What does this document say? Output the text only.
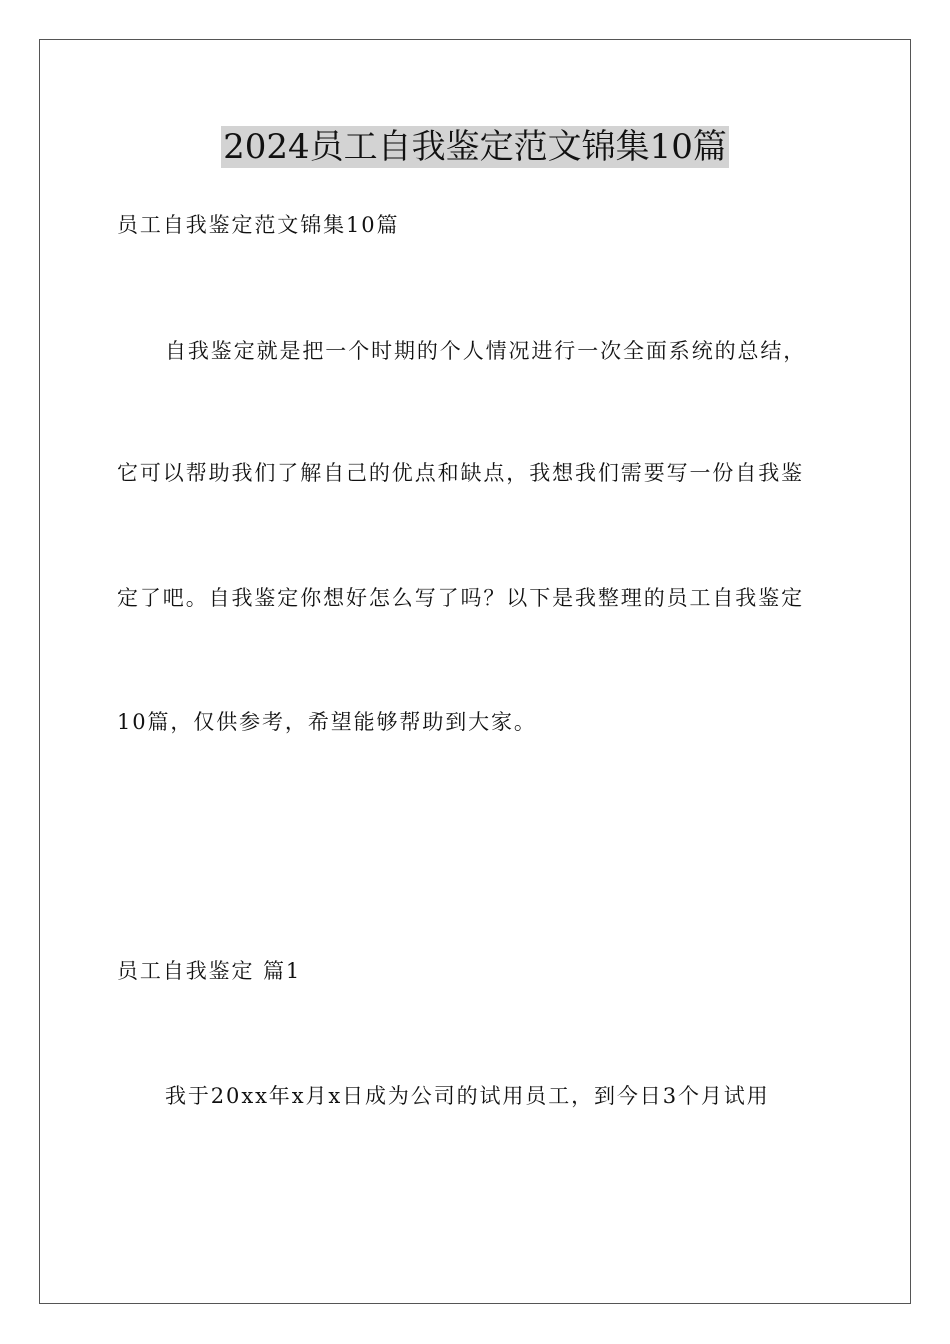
2024员工自我鉴定范文锦集10篇
员工自我鉴定范文锦集10篇
自我鉴定就是把一个时期的个人情况进行一次全面系统的总结，
它可以帮助我们了解自己的优点和缺点，我想我们需要写一份自我鉴
定了吧。自我鉴定你想好怎么写了吗？以下是我整理的员工自我鉴定
10篇，仅供参考，希望能够帮助到大家。
员工自我鉴定 篇1
我于20xx年x月x日成为公司的试用员工，到今日3个月试用
